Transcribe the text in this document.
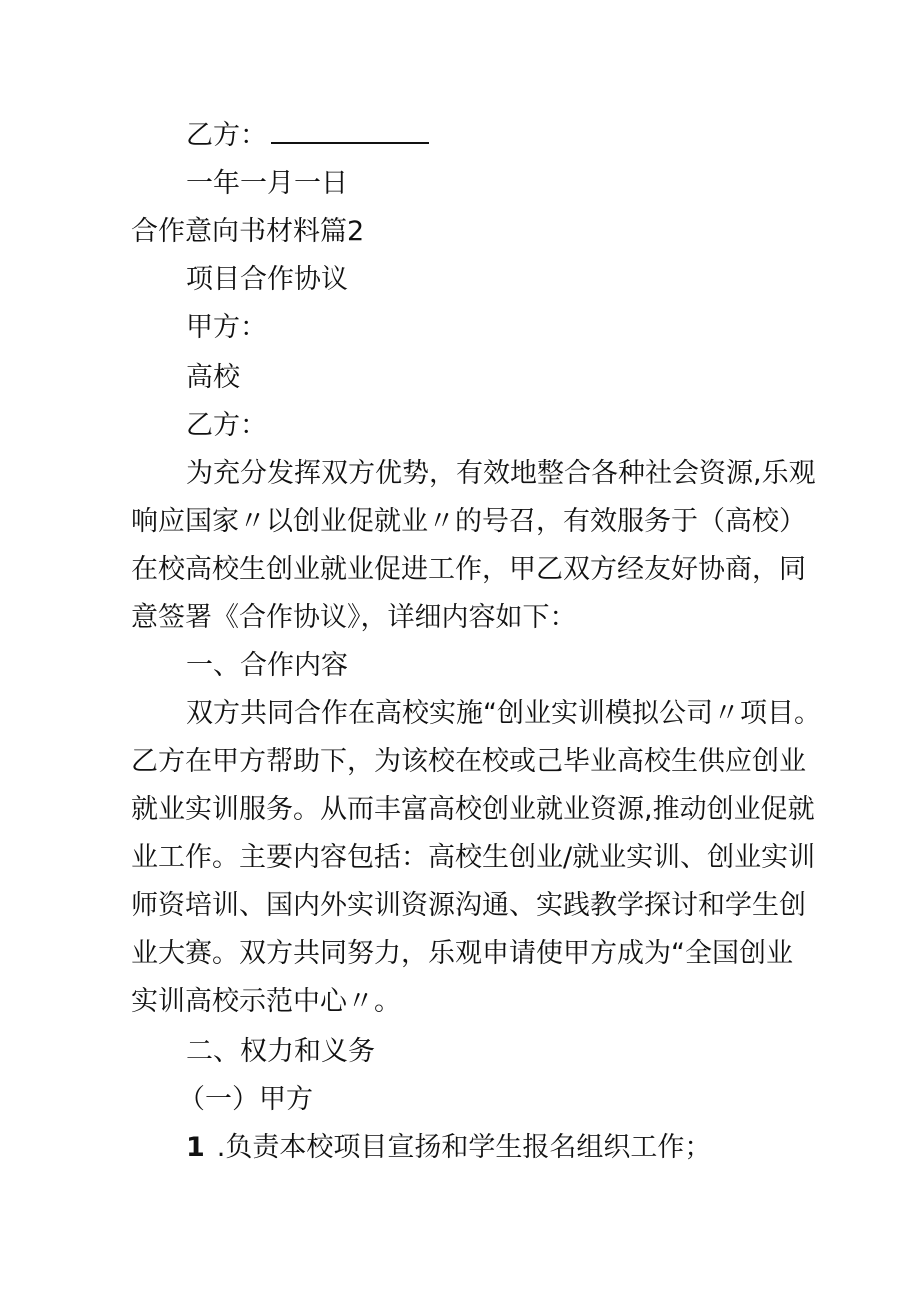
乙方：
一年一月一日
合作意向书材料篇2
项目合作协议
甲方：
高校
乙方：
为充分发挥双方优势，有效地整合各种社会资源,乐观
响应国家〃以创业促就业〃的号召，有效服务于（高校）
在校高校生创业就业促进工作，甲乙双方经友好协商，同
意签署《合作协议》，详细内容如下：
一、合作内容
双方共同合作在高校实施“创业实训模拟公司〃项目。
乙方在甲方帮助下，为该校在校或己毕业高校生供应创业
就业实训服务。从而丰富高校创业就业资源,推动创业促就
业工作。主要内容包括：高校生创业/就业实训、创业实训
师资培训、国内外实训资源沟通、实践教学探讨和学生创
业大赛。双方共同努力，乐观申请使甲方成为“全国创业
实训高校示范中心〃。
二、权力和义务
（一）甲方
1 .负责本校项目宣扬和学生报名组织工作；
